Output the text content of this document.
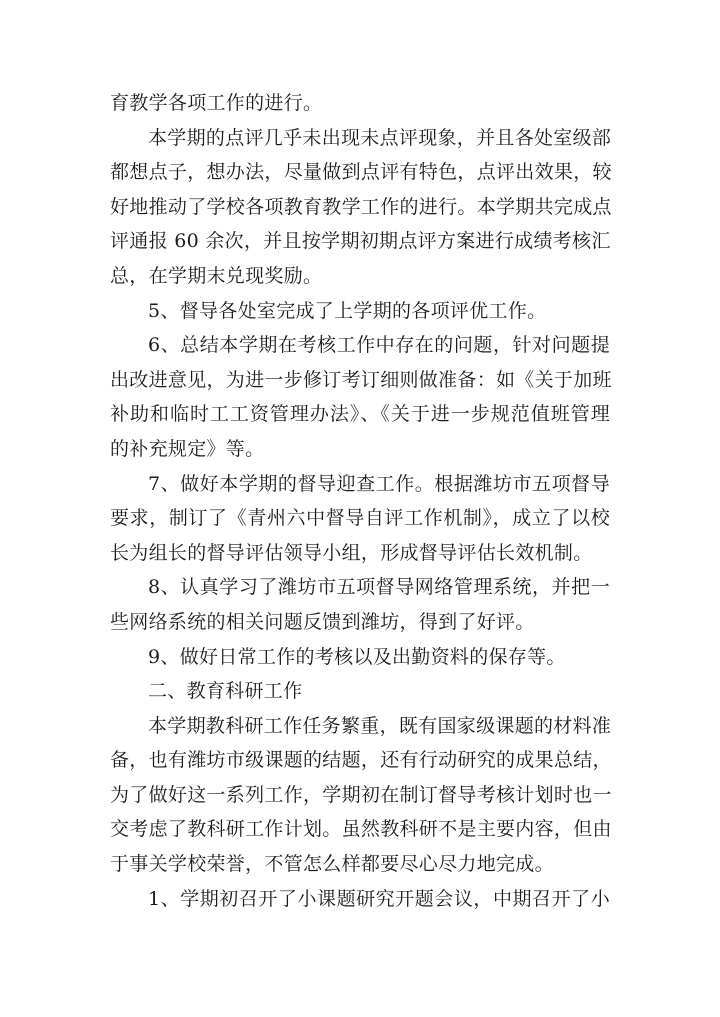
育教学各项工作的进行。
本学期的点评几乎未出现未点评现象，并且各处室级部
都想点子，想办法，尽量做到点评有特色，点评出效果，较
好地推动了学校各项教育教学工作的进行。本学期共完成点
评通报 60 余次，并且按学期初期点评方案进行成绩考核汇
总，在学期末兑现奖励。
5、督导各处室完成了上学期的各项评优工作。
6、总结本学期在考核工作中存在的问题，针对问题提
出改进意见，为进一步修订考订细则做准备：如《关于加班
补助和临时工工资管理办法》、《关于进一步规范值班管理
的补充规定》等。
7、做好本学期的督导迎查工作。根据潍坊市五项督导
要求，制订了《青州六中督导自评工作机制》，成立了以校
长为组长的督导评估领导小组，形成督导评估长效机制。
8、认真学习了潍坊市五项督导网络管理系统，并把一
些网络系统的相关问题反馈到潍坊，得到了好评。
9、做好日常工作的考核以及出勤资料的保存等。
二、教育科研工作
本学期教科研工作任务繁重，既有国家级课题的材料准
备，也有潍坊市级课题的结题，还有行动研究的成果总结，
为了做好这一系列工作，学期初在制订督导考核计划时也一
交考虑了教科研工作计划。虽然教科研不是主要内容，但由
于事关学校荣誉，不管怎么样都要尽心尽力地完成。
1、学期初召开了小课题研究开题会议，中期召开了小
